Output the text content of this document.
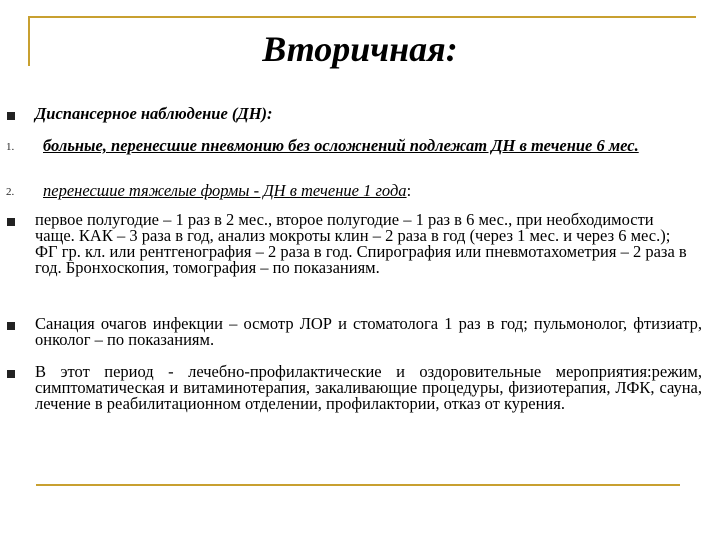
Вторичная:
Диспансерное наблюдение (ДН):
1. больные, перенесшие пневмонию без осложнений подлежат ДН в течение 6 мес.
2. перенесшие тяжелые формы - ДН в течение 1 года:
первое полугодие – 1 раз в 2 мес., второе полугодие – 1 раз в 6 мес., при необходимости чаще. КАК – 3 раза в год, анализ мокроты клин – 2 раза в год (через 1 мес. и через 6 мес.); ФГ гр. кл. или рентгенография – 2 раза в год. Спирография или пневмотахометрия – 2 раза в год. Бронхоскопия, томография – по показаниям.
Санация очагов инфекции – осмотр ЛОР и стоматолога 1 раз в год; пульмонолог, фтизиатр, онколог – по показаниям.
В этот период - лечебно-профилактические и оздоровительные мероприятия:режим, симптоматическая и витаминотерапия, закаливающие процедуры, физиотерапия, ЛФК, сауна, лечение в реабилитационном отделении, профилактории, отказ от курения.
